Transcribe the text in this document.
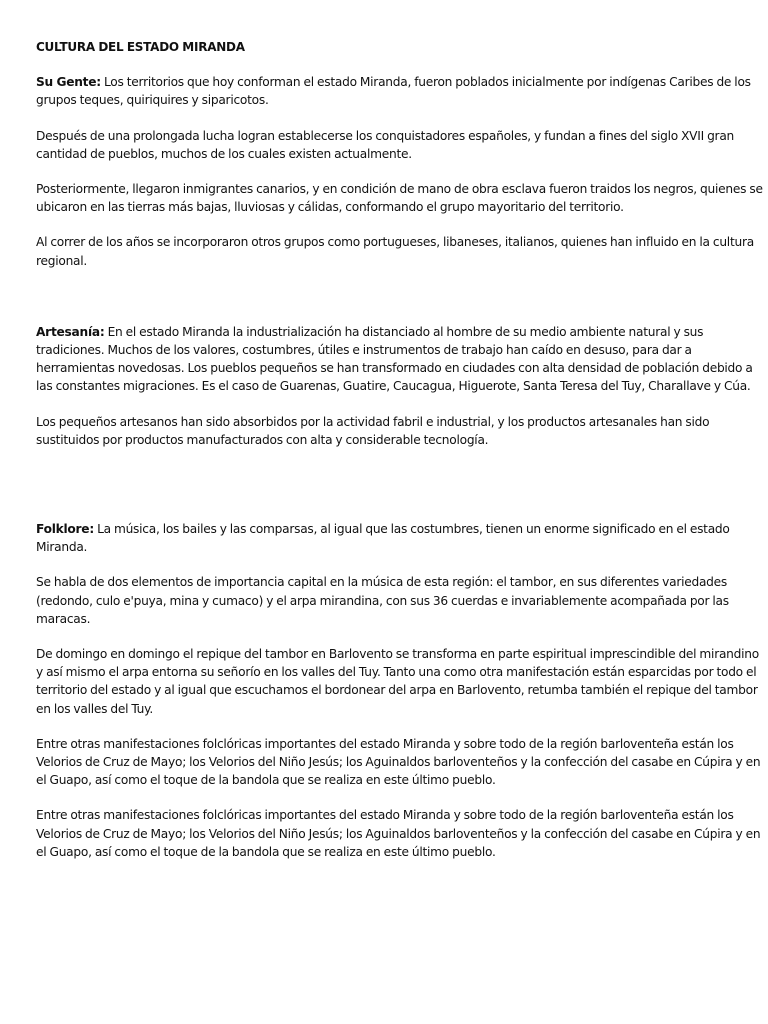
CULTURA DEL ESTADO MIRANDA

Su Gente: Los territorios que hoy conforman el estado Miranda, fueron poblados inicialmente por indígenas Caribes de los grupos teques, quiriquires y siparicotos.

Después de una prolongada lucha logran establecerse los conquistadores españoles, y fundan a fines del siglo XVII gran cantidad de pueblos, muchos de los cuales existen actualmente.

Posteriormente, llegaron inmigrantes canarios, y en condición de mano de obra esclava fueron traidos los negros, quienes se ubicaron en las tierras más bajas, lluviosas y cálidas, conformando el grupo mayoritario del territorio.

Al correr de los años se incorporaron otros grupos como portugueses, libaneses, italianos, quienes han influido en la cultura regional.

Artesanía: En el estado Miranda la industrialización ha distanciado al hombre de su medio ambiente natural y sus tradiciones. Muchos de los valores, costumbres, útiles e instrumentos de trabajo han caído en desuso, para dar a herramientas novedosas. Los pueblos pequeños se han transformado en ciudades con alta densidad de población debido a las constantes migraciones. Es el caso de Guarenas, Guatire, Caucagua, Higuerote, Santa Teresa del Tuy, Charallave y Cúa.

Los pequeños artesanos han sido absorbidos por la actividad fabril e industrial, y los productos artesanales han sido sustituidos por productos manufacturados con alta y considerable tecnología.

Folklore: La música, los bailes y las comparsas, al igual que las costumbres, tienen un enorme significado en el estado Miranda.

Se habla de dos elementos de importancia capital en la música de esta región: el tambor, en sus diferentes variedades (redondo, culo e'puya, mina y cumaco) y el arpa mirandina, con sus 36 cuerdas e invariablemente acompañada por las maracas.

De domingo en domingo el repique del tambor en Barlovento se transforma en parte espiritual imprescindible del mirandino y así mismo el arpa entorna su señorío en los valles del Tuy. Tanto una como otra manifestación están esparcidas por todo el territorio del estado y al igual que escuchamos el bordonear del arpa en Barlovento, retumba también el repique del tambor en los valles del Tuy.

Entre otras manifestaciones folclóricas importantes del estado Miranda y sobre todo de la región barloventeña están los Velorios de Cruz de Mayo; los Velorios del Niño Jesús; los Aguinaldos barloventeños y la confección del casabe en Cúpira y en el Guapo, así como el toque de la bandola que se realiza en este último pueblo.

Entre otras manifestaciones folclóricas importantes del estado Miranda y sobre todo de la región barloventeña están los Velorios de Cruz de Mayo; los Velorios del Niño Jesús; los Aguinaldos barloventeños y la confección del casabe en Cúpira y en el Guapo, así como el toque de la bandola que se realiza en este último pueblo.
